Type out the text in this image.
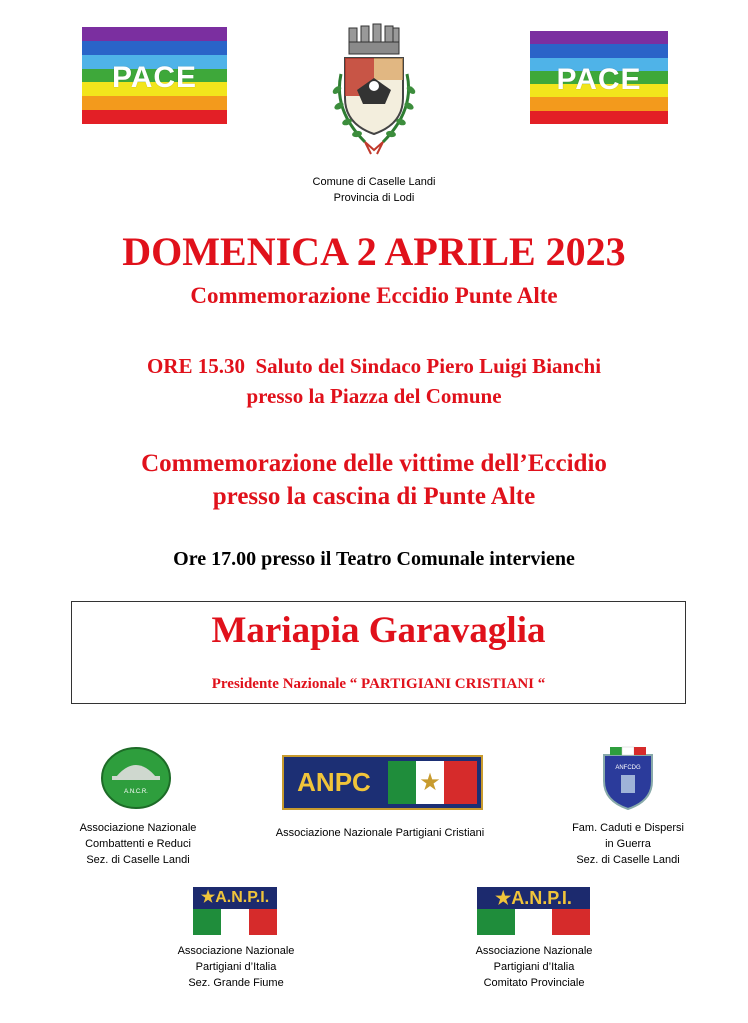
PACE	PACE
Comune di Caselle Landi
Provincia di Lodi
DOMENICA 2 APRILE 2023
Commemorazione Eccidio Punte Alte
ORE 15.30  Saluto del Sindaco Piero Luigi Bianchi
presso la Piazza del Comune
Commemorazione delle vittime dell’Eccidio
presso la cascina di Punte Alte
Ore 17.00 presso il Teatro Comunale interviene
Mariapia Garavaglia
Presidente Nazionale “ PARTIGIANI CRISTIANI “
A.N.C.R.
Associazione Nazionale
Combattenti e Reduci
Sez. di Caselle Landi
ANPC	★
Associazione Nazionale Partigiani Cristiani
ANFCDG
Fam. Caduti e Dispersi
in Guerra
Sez. di Caselle Landi
★A.N.P.I.
Associazione Nazionale
Partigiani d’Italia
Sez. Grande Fiume
★A.N.P.I.
Associazione Nazionale
Partigiani d’Italia
Comitato Provinciale
